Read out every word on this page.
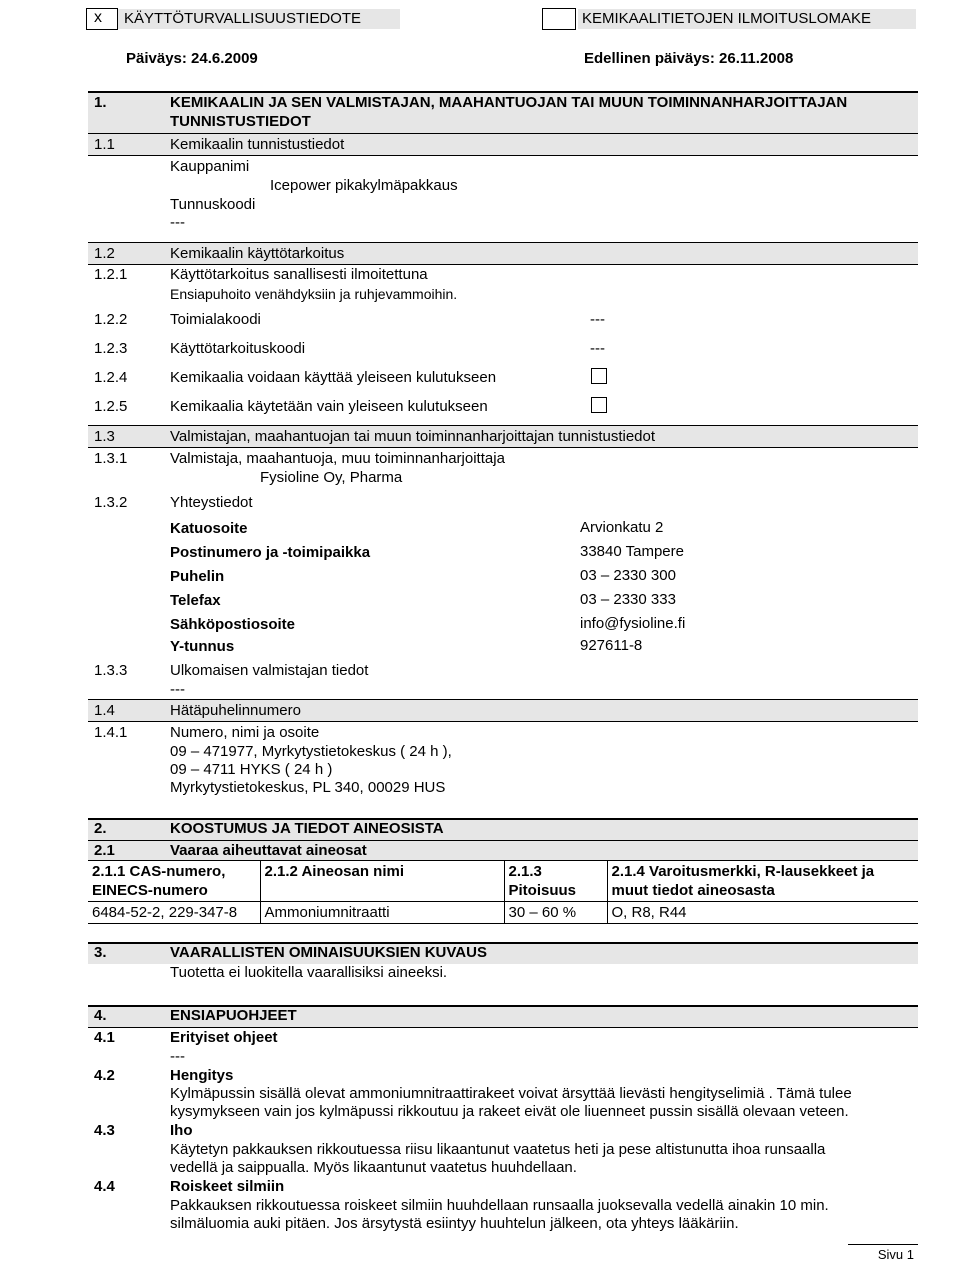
x KÄYTTÖTURVALLISUUSTIEDOTE	KEMIKAALITIETOJEN ILMOITUSLOMAKE
Päiväys: 24.6.2009	Edellinen päiväys: 26.11.2008
1.	KEMIKAALIN JA SEN VALMISTAJAN, MAAHANTUOJAN TAI MUUN TOIMINNANHARJOITTAJAN
TUNNISTUSTIEDOT
1.1	Kemikaalin tunnistustiedot
Kauppanimi
Icepower pikakylmäpakkaus
Tunnuskoodi
---
1.2	Kemikaalin käyttötarkoitus
1.2.1	Käyttötarkoitus sanallisesti ilmoitettuna
Ensiapuhoito venähdyksiin ja ruhjevammoihin.
1.2.2	Toimialakoodi	---
1.2.3	Käyttötarkoituskoodi	---
1.2.4	Kemikaalia voidaan käyttää yleiseen kulutukseen
1.2.5	Kemikaalia käytetään vain yleiseen kulutukseen
1.3	Valmistajan, maahantuojan tai muun toiminnanharjoittajan tunnistustiedot
1.3.1	Valmistaja, maahantuoja, muu toiminnanharjoittaja
Fysioline Oy, Pharma
1.3.2	Yhteystiedot
Katuosoite	Arvionkatu 2
Postinumero ja -toimipaikka	33840 Tampere
Puhelin	03 – 2330 300
Telefax	03 – 2330 333
Sähköpostiosoite	info@fysioline.fi
Y-tunnus	927611-8
1.3.3	Ulkomaisen valmistajan tiedot
---
1.4	Hätäpuhelinnumero
1.4.1	Numero, nimi ja osoite
09 – 471977, Myrkytystietokeskus ( 24 h ),
09 – 4711 HYKS ( 24 h )
Myrkytystietokeskus, PL 340, 00029 HUS
2.	KOOSTUMUS JA TIEDOT AINEOSISTA
2.1	Vaaraa aiheuttavat aineosat
2.1.1 CAS-numero,
EINECS-numero	2.1.2 Aineosan nimi	2.1.3
Pitoisuus	2.1.4 Varoitusmerkki, R-lausekkeet ja
muut tiedot aineosasta
6484-52-2, 229-347-8	Ammoniumnitraatti	30 – 60 %	O, R8, R44
3.	VAARALLISTEN OMINAISUUKSIEN KUVAUS
Tuotetta ei luokitella vaarallisiksi aineeksi.
4.	ENSIAPUOHJEET
4.1	Erityiset ohjeet
---
4.2	Hengitys
Kylmäpussin sisällä olevat ammoniumnitraattirakeet voivat ärsyttää lievästi hengityselimiä . Tämä tulee
kysymykseen vain jos kylmäpussi rikkoutuu ja rakeet eivät ole liuenneet pussin sisällä olevaan veteen.
4.3	Iho
Käytetyn pakkauksen rikkoutuessa riisu likaantunut vaatetus heti ja pese altistunutta ihoa runsaalla
vedellä ja saippualla. Myös likaantunut vaatetus huuhdellaan.
4.4	Roiskeet silmiin
Pakkauksen rikkoutuessa roiskeet silmiin huuhdellaan runsaalla juoksevalla vedellä ainakin 10 min.
silmäluomia auki pitäen. Jos ärsytystä esiintyy huuhtelun jälkeen, ota yhteys lääkäriin.
Sivu 1
